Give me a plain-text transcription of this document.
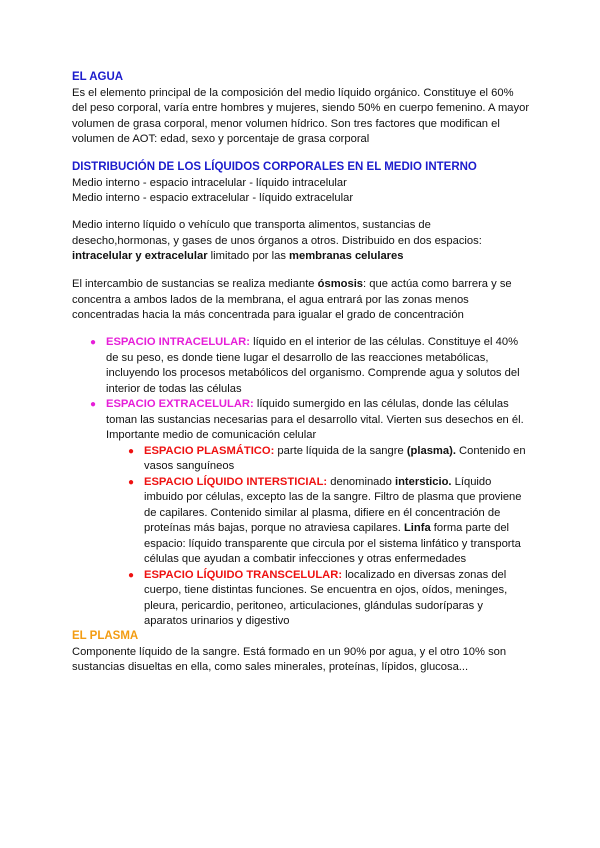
EL AGUA

Es el elemento principal de la composición del medio líquido orgánico. Constituye el 60%

del peso corporal, varía entre hombres y mujeres, siendo 50% en cuerpo femenino. A mayor

volumen de grasa corporal, menor volumen hídrico. Son tres factores que modifican el

volumen de AOT: edad, sexo y porcentaje de grasa corporal

DISTRIBUCIÓN DE LOS LÍQUIDOS CORPORALES EN EL MEDIO INTERNO

Medio interno - espacio intracelular - líquido intracelular

Medio interno - espacio extracelular - líquido extracelular

Medio interno líquido o vehículo que transporta alimentos, sustancias de

desecho,hormonas, y gases de unos órganos a otros. Distribuido en dos espacios:

intracelular y extracelular limitado por las membranas celulares

El intercambio de sustancias se realiza mediante ósmosis: que actúa como barrera y se

concentra a ambos lados de la membrana, el agua entrará por las zonas menos

concentradas hacia la más concentrada para igualar el grado de concentración

● ESPACIO INTRACELULAR: líquido en el interior de las células. Constituye el 40%
de su peso, es donde tiene lugar el desarrollo de las reacciones metabólicas,
incluyendo los procesos metabólicos del organismo. Comprende agua y solutos del
interior de todas las células
● ESPACIO EXTRACELULAR: líquido sumergido en las células, donde las células
toman las sustancias necesarias para el desarrollo vital. Vierten sus desechos en él.
Importante medio de comunicación celular
● ESPACIO PLASMÁTICO: parte líquida de la sangre (plasma). Contenido en
vasos sanguíneos
● ESPACIO LÍQUIDO INTERSTICIAL: denominado intersticio. Líquido
imbuido por células, excepto las de la sangre. Filtro de plasma que proviene
de capilares. Contenido similar al plasma, difiere en él concentración de
proteínas más bajas, porque no atraviesa capilares. Linfa forma parte del
espacio: líquido transparente que circula por el sistema linfático y transporta
células que ayudan a combatir infecciones y otras enfermedades
● ESPACIO LÍQUIDO TRANSCELULAR: localizado en diversas zonas del
cuerpo, tiene distintas funciones. Se encuentra en ojos, oídos, meninges,
pleura, pericardio, peritoneo, articulaciones, glándulas sudoríparas y
aparatos urinarios y digestivo
EL PLASMA

Componente líquido de la sangre. Está formado en un 90% por agua, y el otro 10% son

sustancias disueltas en ella, como sales minerales, proteínas, lípidos, glucosa...
